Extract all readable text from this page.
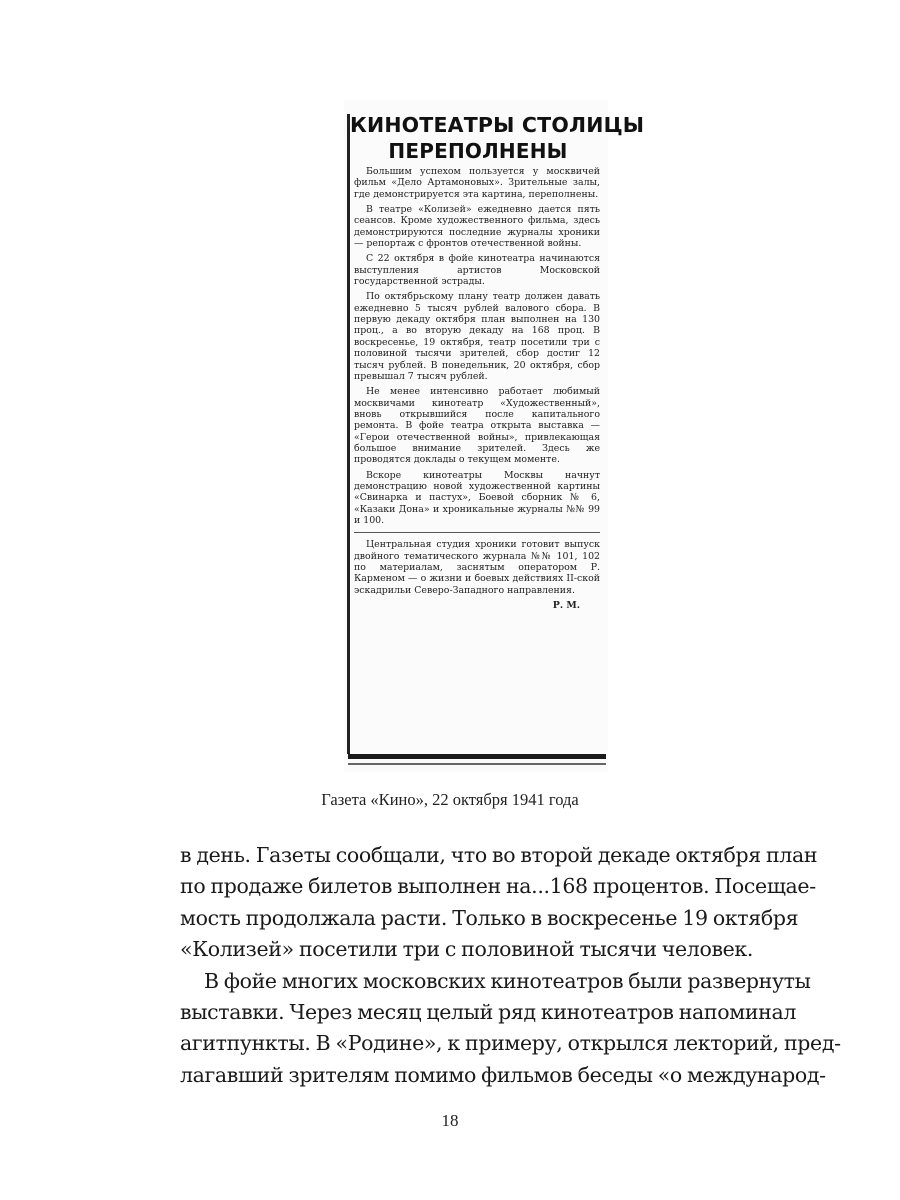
КИНОТЕАТРЫ СТОЛИЦЫ
ПЕРЕПОЛНЕНЫ

Большим успехом пользуется у москвичей фильм «Дело Артамоновых». Зрительные залы, где демонстрируется эта картина, переполнены.

В театре «Колизей» ежедневно дается пять сеансов. Кроме художественного фильма, здесь демонстрируются последние журналы хроники — репортаж с фронтов отечественной войны.

С 22 октября в фойе кинотеатра начинаются выступления артистов Московской государственной эстрады.

По октябрьскому плану театр должен давать ежедневно 5 тысяч рублей валового сбора. В первую декаду октября план выполнен на 130 проц., а во вторую декаду на 168 проц. В воскресенье, 19 октября, театр посетили три с половиной тысячи зрителей, сбор достиг 12 тысяч рублей. В понедельник, 20 октября, сбор превышал 7 тысяч рублей.

Не менее интенсивно работает любимый москвичами кинотеатр «Художественный», вновь открывшийся после капитального ремонта. В фойе театра открыта выставка — «Герои отечественной войны», привлекающая большое внимание зрителей. Здесь же проводятся доклады о текущем моменте.

Вскоре кинотеатры Москвы начнут демонстрацию новой художественной картины «Свинарка и пастух», Боевой сборник № 6, «Казаки Дона» и хроникальные журналы №№ 99 и 100.

Центральная студия хроники готовит выпуск двойного тематического журнала №№ 101, 102 по материалам, заснятым оператором Р. Карменом — о жизни и боевых действиях II-ской эскадрильи Северо-Западного направления.

Р. М.
Газета «Кино», 22 октября 1941 года
в день. Газеты сообщали, что во второй декаде октября план
по продаже билетов выполнен на...168 процентов. Посещае-
мость продолжала расти. Только в воскресенье 19 октября
«Колизей» посетили три с половиной тысячи человек.
В фойе многих московских кинотеатров были развернуты
выставки. Через месяц целый ряд кинотеатров напоминал
агитпункты. В «Родине», к примеру, открылся лекторий, пред-
лагавший зрителям помимо фильмов беседы «о международ-
18
